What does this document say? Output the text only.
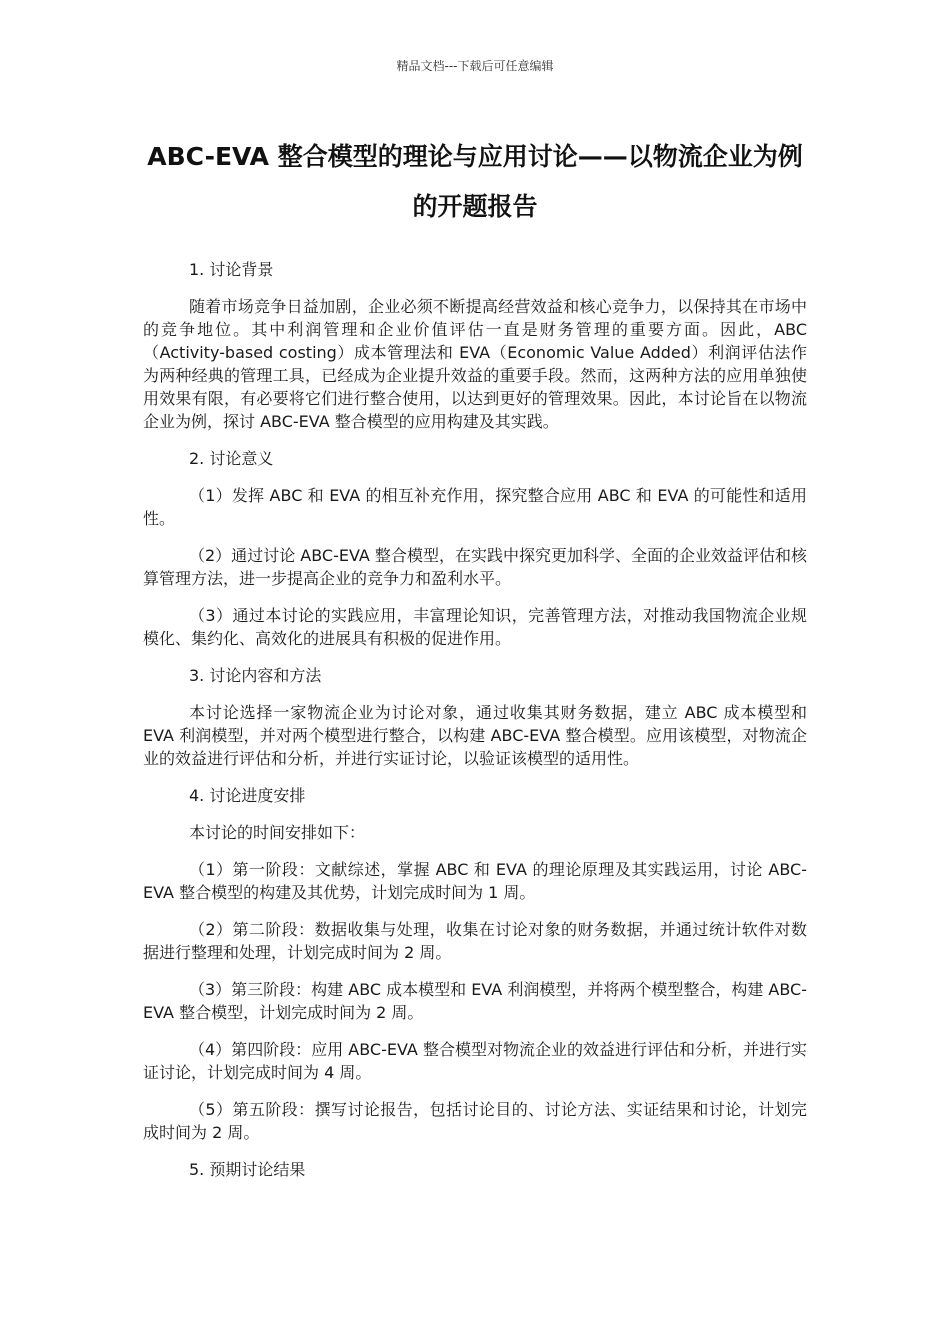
精品文档---下载后可任意编辑
ABC-EVA 整合模型的理论与应用讨论——以物流企业为例
的开题报告

1. 讨论背景

随着市场竞争日益加剧，企业必须不断提高经营效益和核心竞争力，以保持其在市场中的竞争地位。其中利润管理和企业价值评估一直是财务管理的重要方面。因此，ABC（Activity-based costing）成本管理法和 EVA（Economic Value Added）利润评估法作为两种经典的管理工具，已经成为企业提升效益的重要手段。然而，这两种方法的应用单独使用效果有限，有必要将它们进行整合使用，以达到更好的管理效果。因此，本讨论旨在以物流企业为例，探讨 ABC-EVA 整合模型的应用构建及其实践。

2. 讨论意义

（1）发挥 ABC 和 EVA 的相互补充作用，探究整合应用 ABC 和 EVA 的可能性和适用性。

（2）通过讨论 ABC-EVA 整合模型，在实践中探究更加科学、全面的企业效益评估和核算管理方法，进一步提高企业的竞争力和盈利水平。

（3）通过本讨论的实践应用，丰富理论知识，完善管理方法，对推动我国物流企业规模化、集约化、高效化的进展具有积极的促进作用。

3. 讨论内容和方法

本讨论选择一家物流企业为讨论对象，通过收集其财务数据，建立 ABC 成本模型和 EVA 利润模型，并对两个模型进行整合，以构建 ABC-EVA 整合模型。应用该模型，对物流企业的效益进行评估和分析，并进行实证讨论，以验证该模型的适用性。

4. 讨论进度安排

本讨论的时间安排如下：

（1）第一阶段：文献综述，掌握 ABC 和 EVA 的理论原理及其实践运用，讨论 ABC-EVA 整合模型的构建及其优势，计划完成时间为 1 周。

（2）第二阶段：数据收集与处理，收集在讨论对象的财务数据，并通过统计软件对数据进行整理和处理，计划完成时间为 2 周。

（3）第三阶段：构建 ABC 成本模型和 EVA 利润模型，并将两个模型整合，构建 ABC-EVA 整合模型，计划完成时间为 2 周。

（4）第四阶段：应用 ABC-EVA 整合模型对物流企业的效益进行评估和分析，并进行实证讨论，计划完成时间为 4 周。

（5）第五阶段：撰写讨论报告，包括讨论目的、讨论方法、实证结果和讨论，计划完成时间为 2 周。

5. 预期讨论结果
